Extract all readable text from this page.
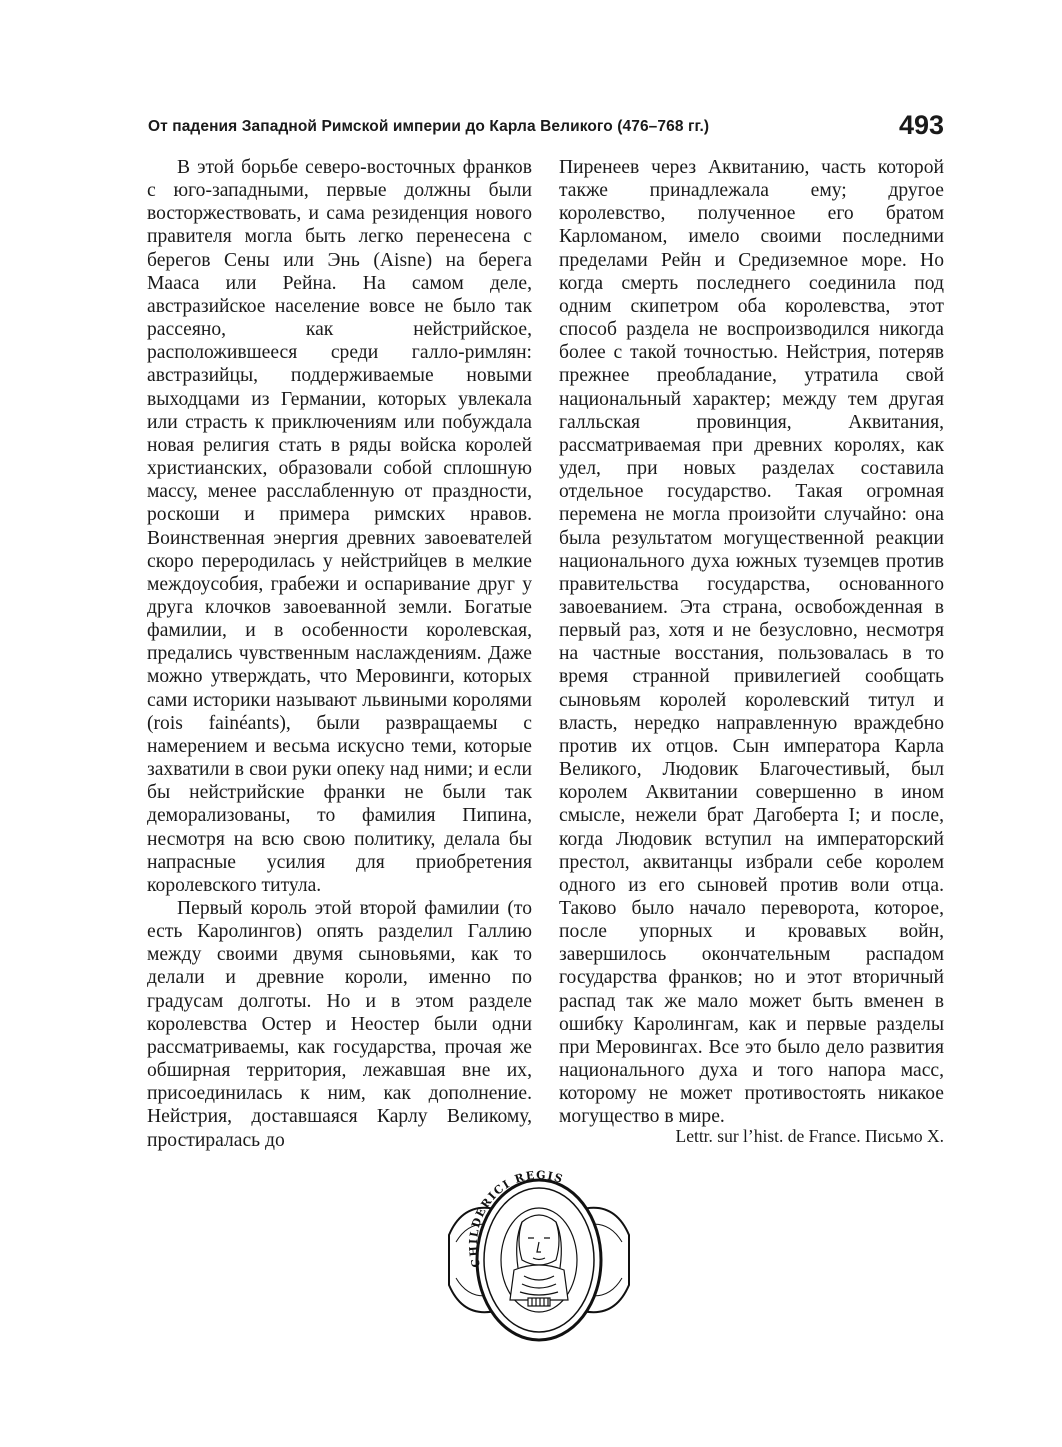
От падения Западной Римской империи до Карла Великого (476–768 гг.)	493

В этой борьбе северо-восточных франков с юго-западными, первые должны были восторжествовать, и сама резиденция нового правителя могла быть легко перенесена с берегов Сены или Энь (Aisne) на берега Мааса или Рейна. На самом деле, австразийское население вовсе не было так рассеяно, как нейстрийское, расположившееся среди галло-римлян: австразийцы, поддерживаемые новыми выходцами из Германии, которых увлекала или страсть к приключениям или побуждала новая религия стать в ряды войска королей христианских, образовали собой сплошную массу, менее расслабленную от праздности, роскоши и примера римских нравов. Воинственная энергия древних завоевателей скоро переродилась у нейстрийцев в мелкие междоусобия, грабежи и оспаривание друг у друга клочков завоеванной земли. Богатые фамилии, и в особенности королевская, предались чувственным наслаждениям. Даже можно утверждать, что Меровинги, которых сами историки называют львиными королями (rois fainéants), были развращаемы с намерением и весьма искусно теми, которые захватили в свои руки опеку над ними; и если бы нейстрийские франки не были так деморализованы, то фамилия Пипина, несмотря на всю свою политику, делала бы напрасные усилия для приобретения королевского титула.

Первый король этой второй фамилии (то есть Каролингов) опять разделил Галлию между своими двумя сыновьями, как то делали и древние короли, именно по градусам долготы. Но и в этом разделе королевства Остер и Неостер были одни рассматриваемы, как государства, прочая же обширная территория, лежавшая вне их, присоединилась к ним, как дополнение. Нейстрия, доставшаяся Карлу Великому, простиралась до

Пиренеев через Аквитанию, часть которой также принадлежала ему; другое королевство, полученное его братом Карломаном, имело своими последними пределами Рейн и Средиземное море. Но когда смерть последнего соединила под одним скипетром оба королевства, этот способ раздела не воспроизводился никогда более с такой точностью. Нейстрия, потеряв прежнее преобладание, утратила свой национальный характер; между тем другая галльская провинция, Аквитания, рассматриваемая при древних королях, как удел, при новых разделах составила отдельное государство. Такая огромная перемена не могла произойти случайно: она была результатом могущественной реакции национального духа южных туземцев против правительства государства, основанного завоеванием. Эта страна, освобожденная в первый раз, хотя и не безусловно, несмотря на частные восстания, пользовалась в то время странной привилегией сообщать сыновьям королей королевский титул и власть, нередко направленную враждебно против их отцов. Сын императора Карла Великого, Людовик Благочестивый, был королем Аквитании совершенно в ином смысле, нежели брат Дагоберта I; и после, когда Людовик вступил на императорский престол, аквитанцы избрали себе королем одного из его сыновей против воли отца. Таково было начало переворота, которое, после упорных и кровавых войн, завершилось окончательным распадом государства франков; но и этот вторичный распад так же мало может быть вменен в ошибку Каролингам, как и первые разделы при Меровингах. Все это было дело развития национального духа и того напора масс, которому не может противостоять никакое могущество в мире.

Lettr. sur l’hist. de France. Письмо X.
CHILDERICI REGIS
